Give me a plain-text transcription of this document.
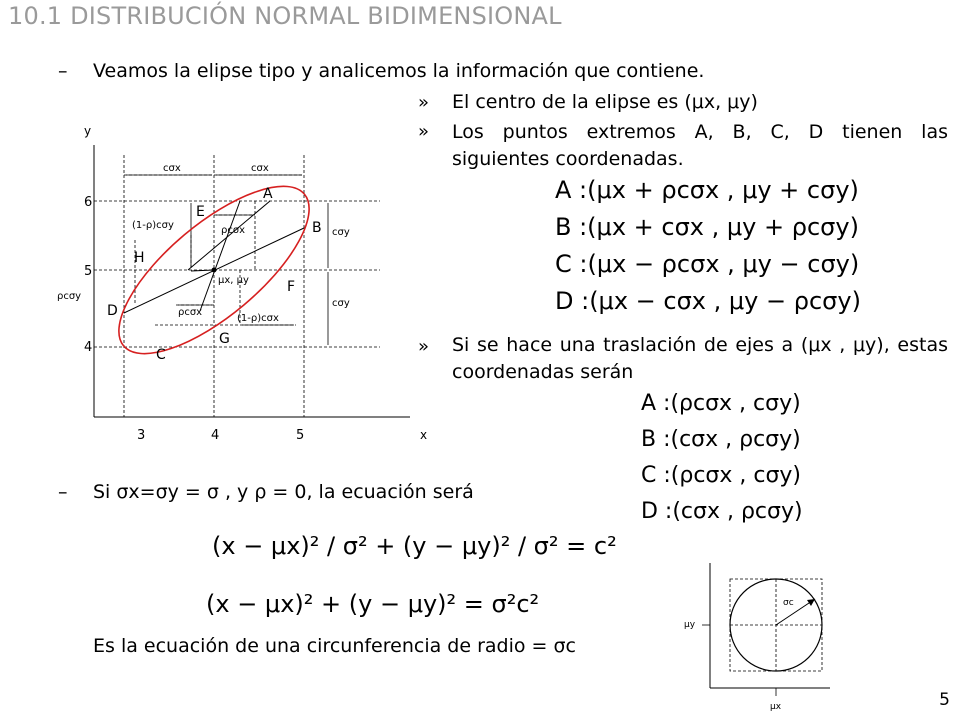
10.1 DISTRIBUCIÓN NORMAL BIDIMENSIONAL
– Veamos la elipse tipo y analicemos la información que contiene.
» El centro de la elipse es (μx, μy)
» Los puntos extremos A, B, C, D tienen las siguientes coordenadas.
A :(μx + ρcσx , μy + cσy)
B :(μx + cσx , μy + ρcσy)
C :(μx − ρcσx , μy − cσy)
D :(μx − cσx , μy − ρcσy)
» Si se hace una traslación de ejes a (μx , μy), estas coordenadas serán
A :(ρcσx , cσy)
B :(cσx , ρcσy)
C :(ρcσx , cσy)
D :(cσx , ρcσy)
– Si σx=σy = σ , y ρ = 0, la ecuación será
(x − μx)² / σ² + (y − μy)² / σ² = c²
(x − μx)² + (y − μy)² = σ²c²
Es la ecuación de una circunferencia de radio = σc
y
x
6
5
4
3	4	5
A
B
C
D
E
F
G
H
cσx	cσx
(1-ρ)cσy	ρcσx	cσy
cσy
μx, μy
ρcσy
ρcσx
(1-ρ)cσx
σc
μy
μx	5
